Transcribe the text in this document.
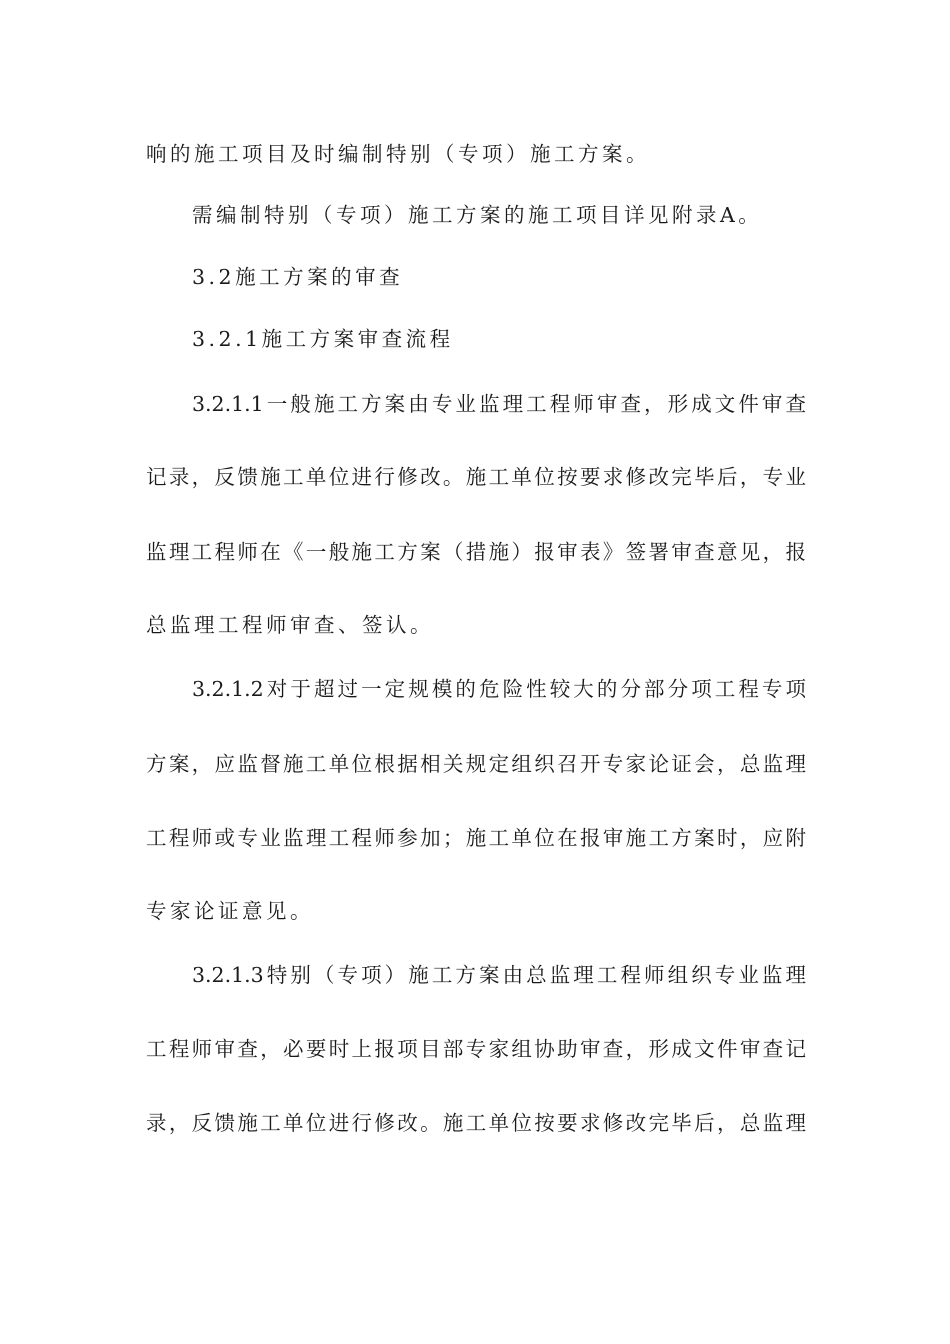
响的施工项目及时编制特别（专项）施工方案。
需编制特别（专项）施工方案的施工项目详见附录A。
3.2施工方案的审查
3.2.1施工方案审查流程
3.2.1.1一般施工方案由专业监理工程师审查，形成文件审查
记录，反馈施工单位进行修改。施工单位按要求修改完毕后，专业
监理工程师在《一般施工方案（措施）报审表》签署审查意见，报
总监理工程师审查、签认。
3.2.1.2对于超过一定规模的危险性较大的分部分项工程专项
方案，应监督施工单位根据相关规定组织召开专家论证会，总监理
工程师或专业监理工程师参加；施工单位在报审施工方案时，应附
专家论证意见。
3.2.1.3特别（专项）施工方案由总监理工程师组织专业监理
工程师审查，必要时上报项目部专家组协助审查，形成文件审查记
录，反馈施工单位进行修改。施工单位按要求修改完毕后，总监理
